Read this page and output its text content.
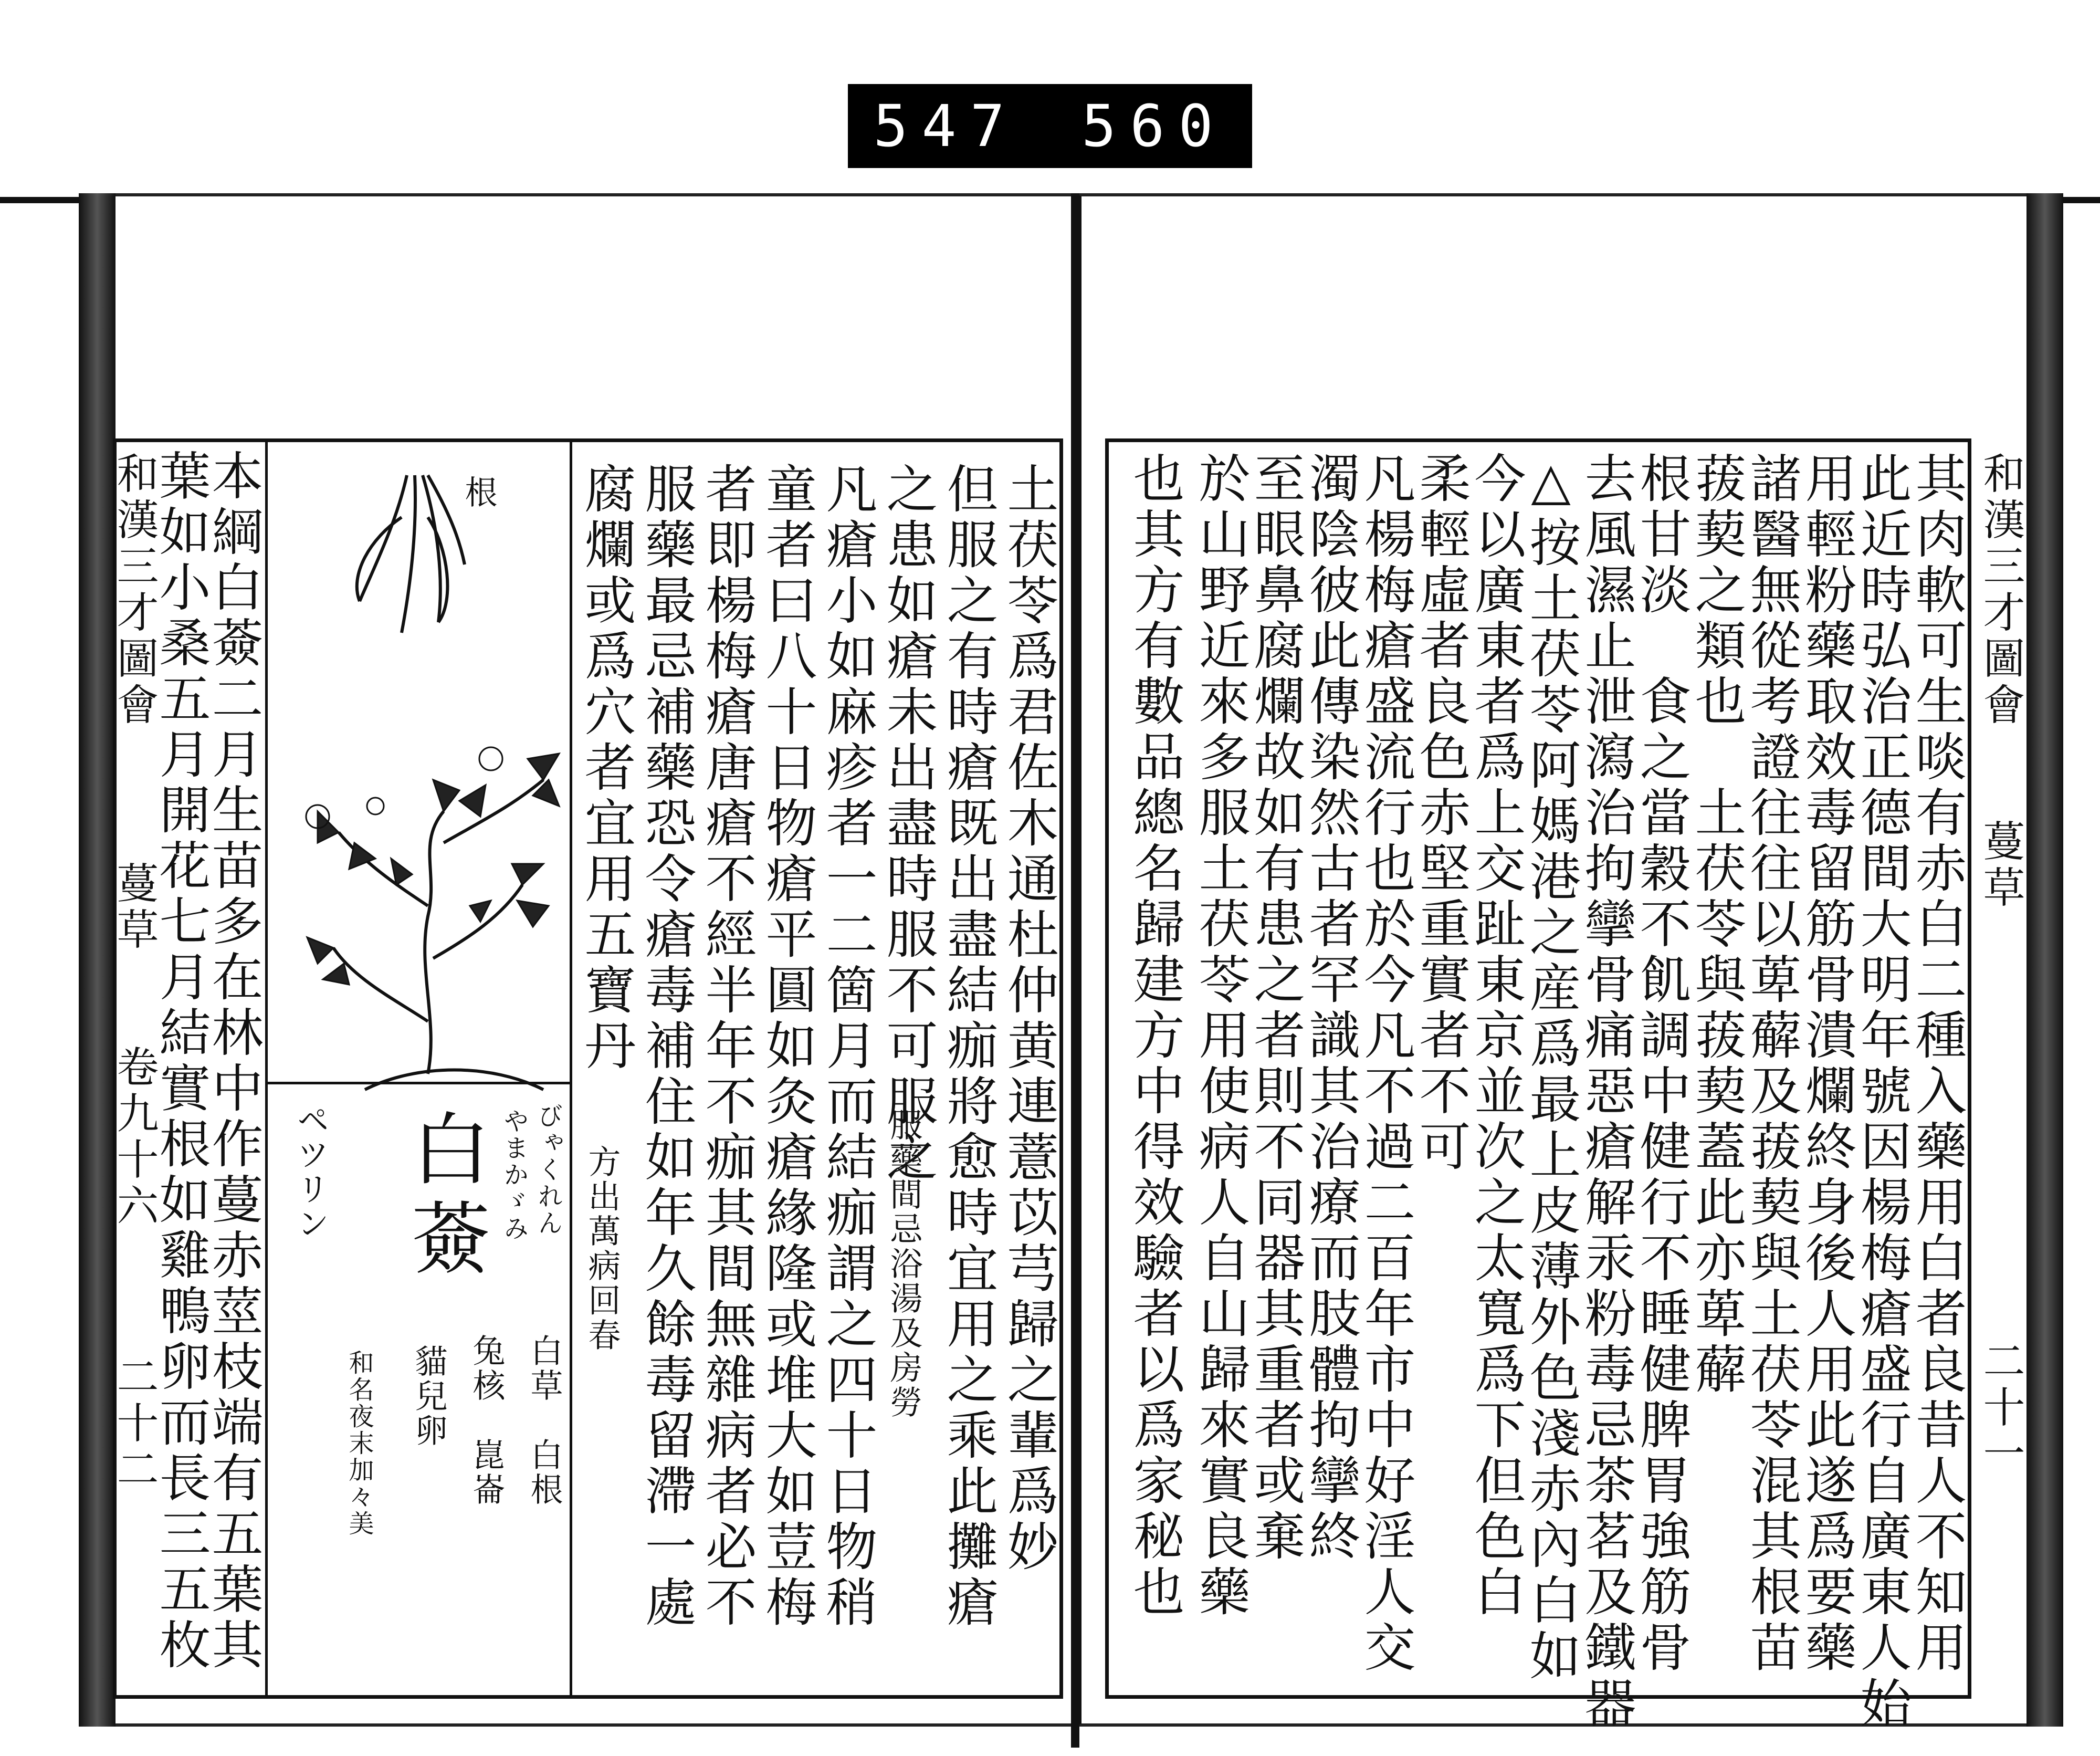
547 560
和漢三才圖會
蔓草
卷九十六
二十二	土茯苓爲君佐木通杜仲黄連薏苡芎歸之輩爲妙
但服之有時瘡既出盡結痂將愈時宜用之乘此攤瘡
之患如瘡未出盡時服不可服之
服藥間忌浴湯及房勞
凡瘡小如麻疹者一二箇月而結痂謂之四十日物稍
童者曰八十日物瘡平圓如灸瘡緣隆或堆大如荳梅
者即楊梅瘡唐瘡不經半年不痂其間無雜病者必不
服藥最忌補藥恐令瘡毒補住如年久餘毒留滯一處
腐爛或爲穴者宜用五寶丹
方出萬病回春
本綱白薟二月生苗多在林中作蔓赤莖枝端有五葉其
葉如小桑五月開花七月結實根如雞鴨卵而長三五枚	根
白薟 びゃくれん
やまかゞみ
ペツリン
白草　白根
兔核　崑崙
貓兒卵
和名夜末加々美
和漢三才圖會
蔓草
二十一
其肉軟可生啖有赤白二種入藥用白者良昔人不知用
此近時弘治正德間大明年號因楊梅瘡盛行自廣東人始
用輕粉藥取效毒留筋骨潰爛終身後人用此遂爲要藥
諸醫無從考證往往以萆薢及菝葜與土茯苓混其根苗
菝葜之類也　土茯苓與菝葜蓋此亦萆薢
根甘淡　食之當穀不飢調中健行不睡健脾胃強筋骨
去風濕止泄瀉治拘攣骨痛惡瘡解汞粉毒忌茶茗及鐵器
△按土茯苓阿媽港之産爲最上皮薄外色淺赤內白如
今以廣東者爲上交趾東京並次之太寬爲下但色白
柔輕虛者良色赤堅重實者不可
凡楊梅瘡盛流行也於今凡不過二百年市中好淫人交
濁陰彼此傳染然古者罕識其治療而肢體拘攣終
至眼鼻腐爛故如有患之者則不同器其重者或棄
於山野近來多服土茯苓用使病人自山歸來實良藥
也其方有數品總名歸建方中得效驗者以爲家秘也
